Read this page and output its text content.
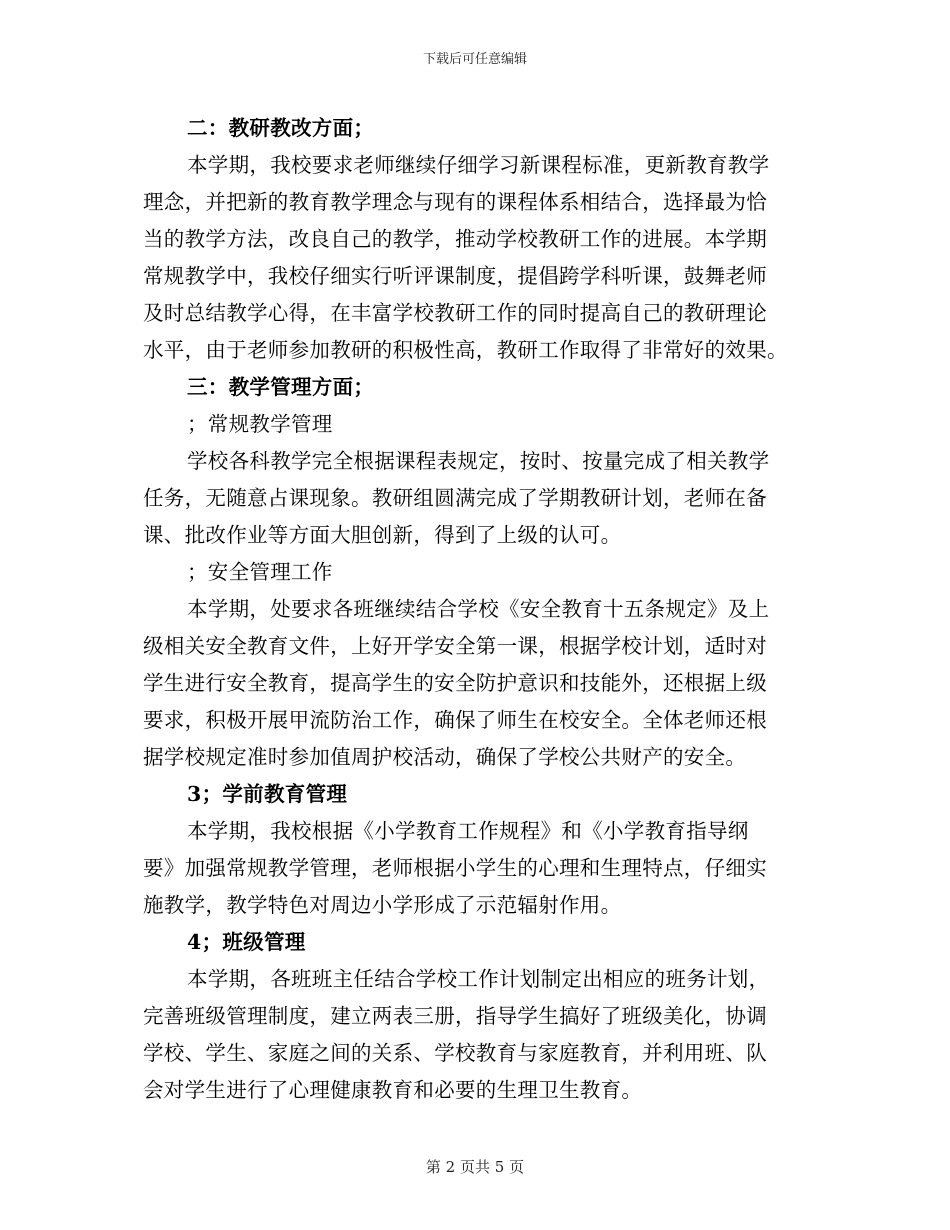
下载后可任意编辑
二：教研教改方面；
本学期，我校要求老师继续仔细学习新课程标准，更新教育教学
理念，并把新的教育教学理念与现有的课程体系相结合，选择最为恰
当的教学方法，改良自己的教学，推动学校教研工作的进展。本学期
常规教学中，我校仔细实行听评课制度，提倡跨学科听课，鼓舞老师
及时总结教学心得，在丰富学校教研工作的同时提高自己的教研理论
水平，由于老师参加教研的积极性高，教研工作取得了非常好的效果。
三：教学管理方面；
；常规教学管理
学校各科教学完全根据课程表规定，按时、按量完成了相关教学
任务，无随意占课现象。教研组圆满完成了学期教研计划，老师在备
课、批改作业等方面大胆创新，得到了上级的认可。
；安全管理工作
本学期，处要求各班继续结合学校《安全教育十五条规定》及上
级相关安全教育文件，上好开学安全第一课，根据学校计划，适时对
学生进行安全教育，提高学生的安全防护意识和技能外，还根据上级
要求，积极开展甲流防治工作，确保了师生在校安全。全体老师还根
据学校规定准时参加值周护校活动，确保了学校公共财产的安全。
3；学前教育管理
本学期，我校根据《小学教育工作规程》和《小学教育指导纲
要》加强常规教学管理，老师根据小学生的心理和生理特点，仔细实
施教学，教学特色对周边小学形成了示范辐射作用。
4；班级管理
本学期，各班班主任结合学校工作计划制定出相应的班务计划，
完善班级管理制度，建立两表三册，指导学生搞好了班级美化，协调
学校、学生、家庭之间的关系、学校教育与家庭教育，并利用班、队
会对学生进行了心理健康教育和必要的生理卫生教育。
第 2 页共 5 页
